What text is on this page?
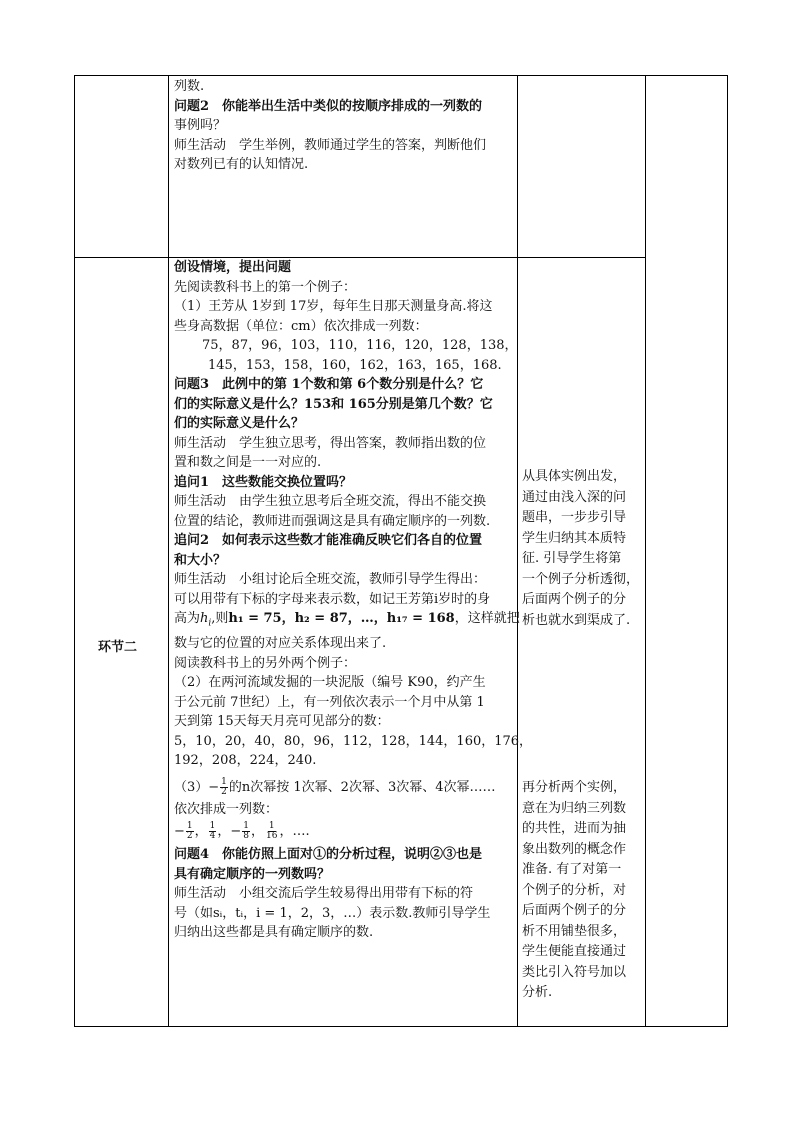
列数.

问题2　你能举出生活中类似的按顺序排成的一列数的

事例吗？

师生活动　学生举例，教师通过学生的答案，判断他们

对数列已有的认知情况.

环节二

创设情境，提出问题

先阅读教科书上的第一个例子：

（1）王芳从 1岁到 17岁，每年生日那天测量身高.将这

些身高数据（单位：cm）依次排成一列数：

75，87，96，103，110，116，120，128，138，

145，153，158，160，162，163，165，168.

问题3　此例中的第 1个数和第 6个数分别是什么？它

们的实际意义是什么？153和 165分别是第几个数？它

们的实际意义是什么？

师生活动　学生独立思考，得出答案，教师指出数的位

置和数之间是一一对应的.

追问1　这些数能交换位置吗？

师生活动　由学生独立思考后全班交流，得出不能交换

位置的结论，教师进而强调这是具有确定顺序的一列数.

追问2　如何表示这些数才能准确反映它们各自的位置

和大小？

师生活动　小组讨论后全班交流，教师引导学生得出：

可以用带有下标的字母来表示数，如记王芳第i岁时的身

高为$h_i$,则h₁ = 75，h₂ = 87，…，h₁₇ = 168，这样就把

数与它的位置的对应关系体现出来了.

阅读教科书上的另外两个例子：

（2）在两河流域发掘的一块泥版（编号 K90，约产生

于公元前 7世纪）上，有一列依次表示一个月中从第 1

天到第 15天每天月亮可见部分的数：

5，10，20，40，80，96，112，128，144，160，176，

192，208，224，240.

$(3)- \frac{1}{2}$ 的n次幂按 1次幂、2次幂、3次幂、4次幂……

依次排成一列数：

− $\frac{1}{2}$ ， $\frac{1}{4}$ ，− $\frac{1}{8}$ ， $\frac{1}{16}$ ，….

问题4　你能仿照上面对①的分析过程，说明②③也是

具有确定顺序的一列数吗？

师生活动　小组交流后学生较易得出用带有下标的符

号（如sᵢ，tᵢ，i = 1，2，3，…）表示数.教师引导学生

归纳出这些都是具有确定顺序的数.

从具体实例出发，

通过由浅入深的问

题串，一步步引导

学生归纳其本质特

征. 引导学生将第

一个例子分析透彻，

后面两个例子的分

析也就水到渠成了.

再分析两个实例，

意在为归纳三列数

的共性，进而为抽

象出数列的概念作

准备. 有了对第一

个例子的分析，对

后面两个例子的分

析不用铺垫很多，

学生便能直接通过

类比引入符号加以

分析.
